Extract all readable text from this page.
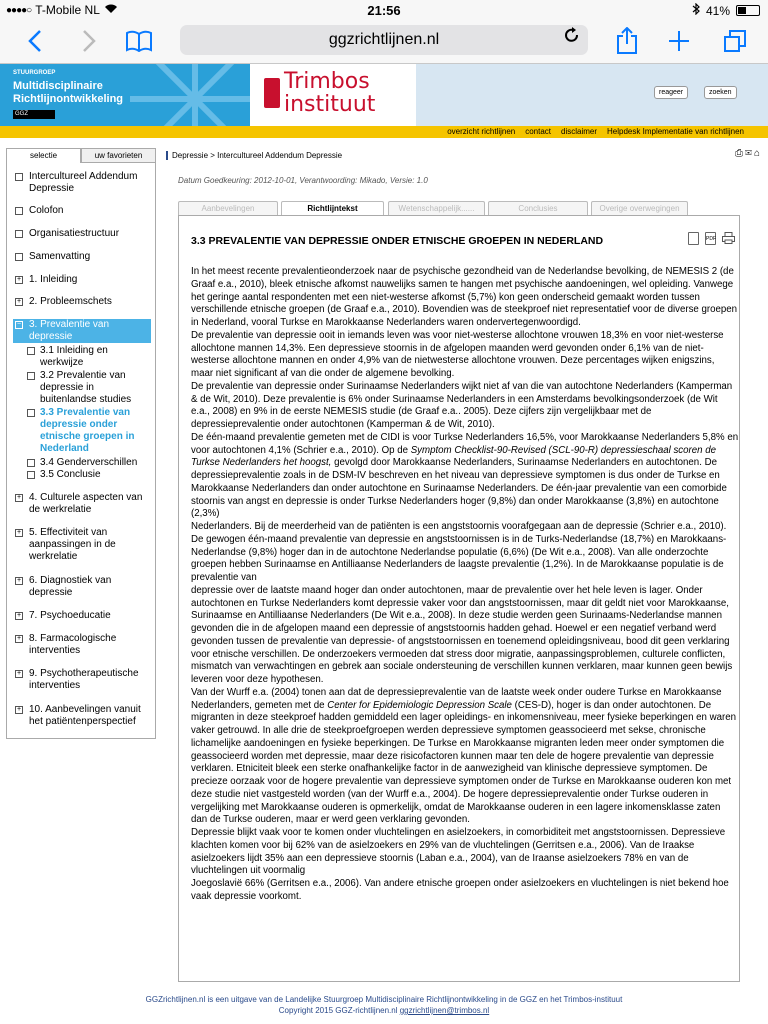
●●●●○ T-Mobile NL	21:56	41%
ggzrichtlijnen.nl
STUURGROEP
Multidisciplinaire
Richtlijnontwikkeling
GGZ
Trimbos
instituut	reageer	zoeken
overzicht richtlijnen contact disclaimer Helpdesk Implementatie van richtlijnen
selectie	uw favorieten
Intercultureel Addendum
Depressie
Colofon
Organisatiestructuur
Samenvatting
+ 1. Inleiding
+ 2. Probleemschets
− 3. Prevalentie van
depressie
3.1 Inleiding en
werkwijze
3.2 Prevalentie van
depressie in
buitenlandse studies
3.3 Prevalentie van
depressie onder
etnische groepen in
Nederland
3.4 Genderverschillen
3.5 Conclusie
+ 4. Culturele aspecten van
de werkrelatie
+ 5. Effectiviteit van
aanpassingen in de
werkrelatie
+ 6. Diagnostiek van
depressie
+ 7. Psychoeducatie
+ 8. Farmacologische
interventies
+ 9. Psychotherapeutische
interventies
+ 10. Aanbevelingen vanuit
het patiëntenperspectief
Depressie > Intercultureel Addendum Depressie	⎙✉⌂
Datum Goedkeuring: 2012-10-01, Verantwoording: Mikado, Versie: 1.0
Aanbevelingen	Richtlijntekst	Wetenschappelijk......	Conclusies	Overige overwegingen
3.3 PREVALENTIE VAN DEPRESSIE ONDER ETNISCHE GROEPEN IN NEDERLAND	PDF

In het meest recente prevalentieonderzoek naar de psychische gezondheid van de Nederlandse bevolking, de NEMESIS 2 (de Graaf e.a., 2010), bleek etnische afkomst nauwelijks samen te hangen met psychische aandoeningen, wel opleiding. Vanwege het geringe aantal respondenten met een niet-westerse afkomst (5,7%) kon geen onderscheid gemaakt worden tussen verschillende etnische groepen (de Graaf e.a., 2010). Bovendien was de steekproef niet representatief voor de diverse groepen in Nederland, vooral Turkse en Marokkaanse Nederlanders waren ondervertegenwoordigd.

De prevalentie van depressie ooit in iemands leven was voor niet-westerse allochtone vrouwen 18,3% en voor niet-westerse allochtone mannen 14,3%. Een depressieve stoornis in de afgelopen maanden werd gevonden onder 6,1% van de niet-westerse allochtone mannen en onder 4,9% van de nietwesterse allochtone vrouwen. Deze percentages wijken enigszins, maar niet significant af van die onder de algemene bevolking.

De prevalentie van depressie onder Surinaamse Nederlanders wijkt niet af van die van autochtone Nederlanders (Kamperman & de Wit, 2010). Deze prevalentie is 6% onder Surinaamse Nederlanders in een Amsterdams bevolkingsonderzoek (de Wit e.a., 2008) en 9% in de eerste NEMESIS studie (de Graaf e.a.. 2005). Deze cijfers zijn vergelijkbaar met de depressieprevalentie onder autochtonen (Kamperman & de Wit, 2010).

De één-maand prevalentie gemeten met de CIDI is voor Turkse Nederlanders 16,5%, voor Marokkaanse Nederlanders 5,8% en voor autochtonen 4,1% (Schrier e.a., 2010). Op de Symptom Checklist-90-Revised (SCL-90-R) depressieschaal scoren de Turkse Nederlanders het hoogst, gevolgd door Marokkaanse Nederlanders, Surinaamse Nederlanders en autochtonen. De depressieprevalentie zoals in de DSM-IV beschreven en het niveau van depressieve symptomen is dus onder de Turkse en Marokkaanse Nederlanders dan onder autochtone en Surinaamse Nederlanders. De één-jaar prevalentie van een comorbide stoornis van angst en depressie is onder Turkse Nederlanders hoger (9,8%) dan onder Marokkaanse (3,8%) en autochtone (2,3%)

Nederlanders. Bij de meerderheid van de patiënten is een angststoornis voorafgegaan aan de depressie (Schrier e.a., 2010).

De gewogen één-maand prevalentie van depressie en angststoornissen is in de Turks-Nederlandse (18,7%) en Marokkaans-Nederlandse (9,8%) hoger dan in de autochtone Nederlandse populatie (6,6%) (De Wit e.a., 2008). Van alle onderzochte groepen hebben Surinaamse en Antilliaanse Nederlanders de laagste prevalentie (1,2%). In de Marokkaanse populatie is de prevalentie van

depressie over de laatste maand hoger dan onder autochtonen, maar de prevalentie over het hele leven is lager. Onder autochtonen en Turkse Nederlanders komt depressie vaker voor dan angststoornissen, maar dit geldt niet voor Marokkaanse, Surinaamse en Antilliaanse Nederlanders (De Wit e.a., 2008). In deze studie werden geen Surinaams-Nederlandse mannen gevonden die in de afgelopen maand een depressie of angststoornis hadden gehad. Hoewel er een negatief verband werd gevonden tussen de prevalentie van depressie- of angststoornissen en toenemend opleidingsniveau, bood dit geen verklaring voor etnische verschillen. De onderzoekers vermoeden dat stress door migratie, aanpassingsproblemen, culturele conflicten, mismatch van verwachtingen en gebrek aan sociale ondersteuning de verschillen kunnen verklaren, maar kunnen geen bewijs leveren voor deze hypothesen.

Van der Wurff e.a. (2004) tonen aan dat de depressieprevalentie van de laatste week onder oudere Turkse en Marokkaanse Nederlanders, gemeten met de Center for Epidemiologic Depression Scale (CES-D), hoger is dan onder autochtonen. De migranten in deze steekproef hadden gemiddeld een lager opleidings- en inkomensniveau, meer fysieke beperkingen en waren vaker getrouwd. In alle drie de steekproefgroepen werden depressieve symptomen geassocieerd met sekse, chronische lichamelijke aandoeningen en fysieke beperkingen. De Turkse en Marokkaanse migranten leden meer onder symptomen die geassocieerd worden met depressie, maar deze risicofactoren kunnen maar ten dele de hogere prevalentie van depressie verklaren. Etniciteit bleek een sterke onafhankelijke factor in de aanwezigheid van klinische depressieve symptomen. De precieze oorzaak voor de hogere prevalentie van depressieve symptomen onder de Turkse en Marokkaanse ouderen kon met deze studie niet vastgesteld worden (van der Wurff e.a., 2004). De hogere depressieprevalentie onder Turkse ouderen in vergelijking met Marokkaanse ouderen is opmerkelijk, omdat de Marokkaanse ouderen in een lagere inkomensklasse zaten dan de Turkse ouderen, maar er werd geen verklaring gevonden.

Depressie blijkt vaak voor te komen onder vluchtelingen en asielzoekers, in comorbiditeit met angststoornissen. Depressieve klachten komen voor bij 62% van de asielzoekers en 29% van de vluchtelingen (Gerritsen e.a., 2006). Van de Iraakse asielzoekers lijdt 35% aan een depressieve stoornis (Laban e.a., 2004), van de Iraanse asielzoekers 78% en van de vluchtelingen uit voormalig

Joegoslavië 66% (Gerritsen e.a., 2006). Van andere etnische groepen onder asielzoekers en vluchtelingen is niet bekend hoe vaak depressie voorkomt.

GGZrichtlijnen.nl is een uitgave van de Landelijke Stuurgroep Multidisciplinaire Richtlijnontwikkeling in de GGZ en het Trimbos-instituut
Copyright 2015 GGZ-richtlijnen.nl ggzrichtlijnen@trimbos.nl
